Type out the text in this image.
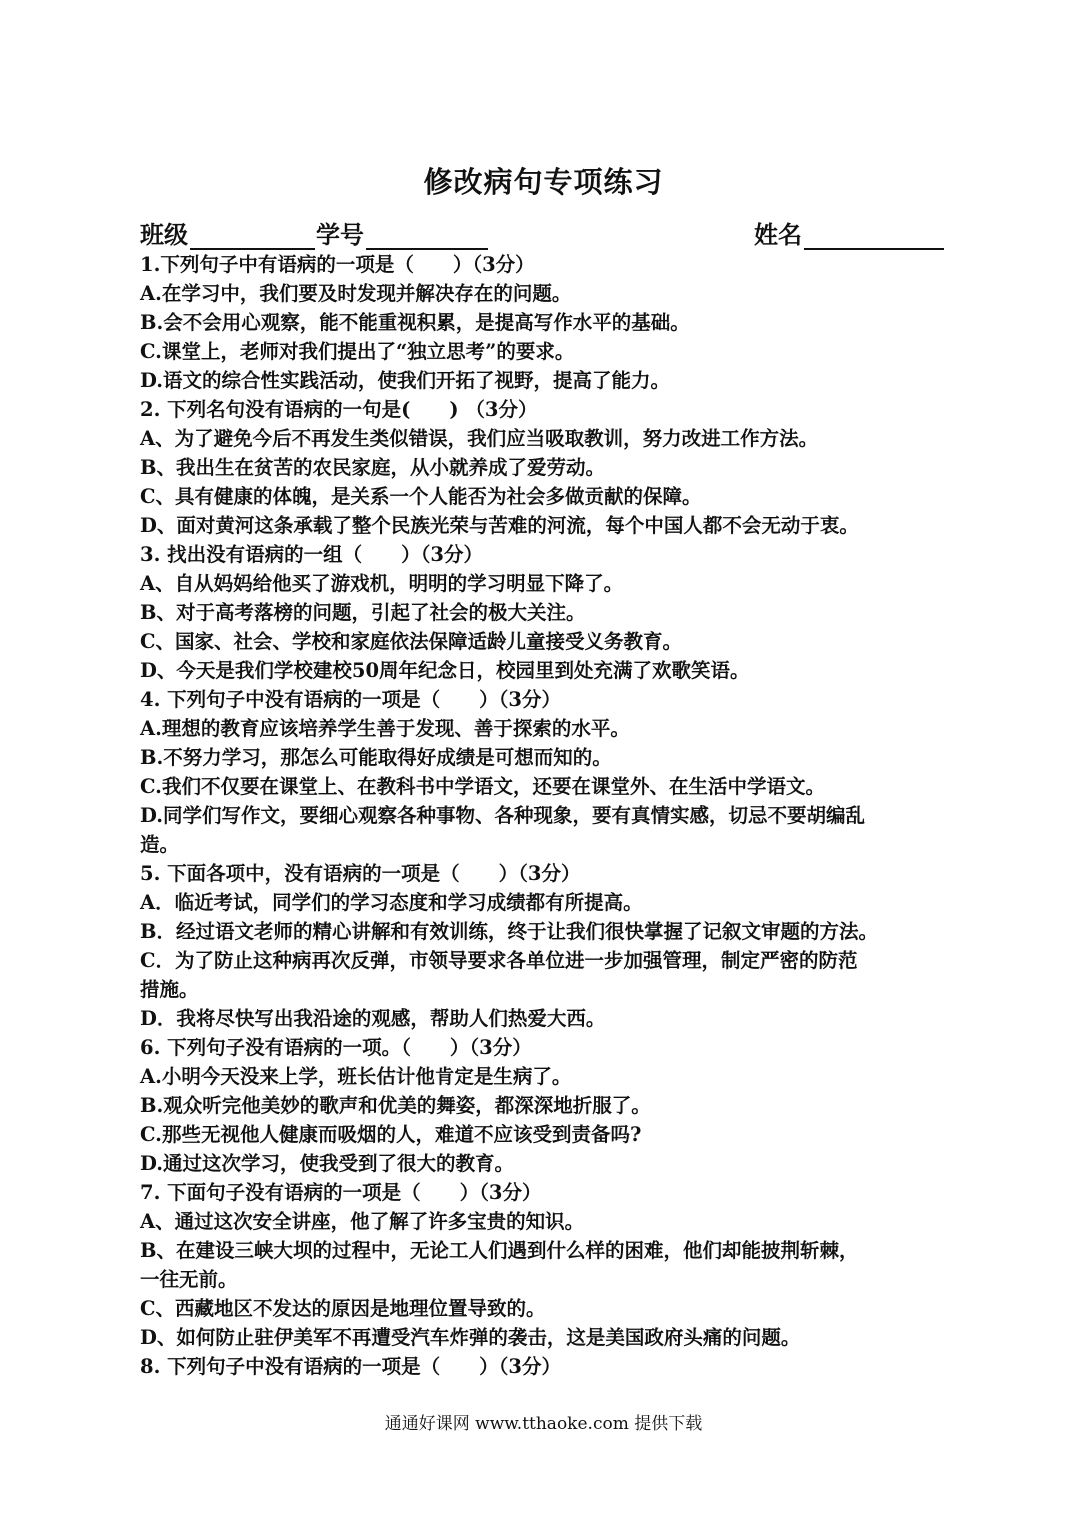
修改病句专项练习
班级	学号	姓名
1.下列句子中有语病的一项是（　　）（3分）
A.在学习中，我们要及时发现并解决存在的问题。
B.会不会用心观察，能不能重视积累，是提高写作水平的基础。
C.课堂上，老师对我们提出了“独立思考”的要求。
D.语文的综合性实践活动，使我们开拓了视野，提高了能力。
2. 下列名句没有语病的一句是(　　) （3分）
A、为了避免今后不再发生类似错误，我们应当吸取教训，努力改进工作方法。
B、我出生在贫苦的农民家庭，从小就养成了爱劳动。
C、具有健康的体魄，是关系一个人能否为社会多做贡献的保障。
D、面对黄河这条承载了整个民族光荣与苦难的河流，每个中国人都不会无动于衷。
3. 找出没有语病的一组（　　）（3分）
A、自从妈妈给他买了游戏机，明明的学习明显下降了。
B、对于高考落榜的问题，引起了社会的极大关注。
C、国家、社会、学校和家庭依法保障适龄儿童接受义务教育。
D、今天是我们学校建校50周年纪念日，校园里到处充满了欢歌笑语。
4. 下列句子中没有语病的一项是（　　）（3分）
A.理想的教育应该培养学生善于发现、善于探索的水平。
B.不努力学习，那怎么可能取得好成绩是可想而知的。
C.我们不仅要在课堂上、在教科书中学语文，还要在课堂外、在生活中学语文。
D.同学们写作文，要细心观察各种事物、各种现象，要有真情实感，切忌不要胡编乱
造。
5. 下面各项中，没有语病的一项是（　　）（3分）
A．临近考试，同学们的学习态度和学习成绩都有所提高。
B．经过语文老师的精心讲解和有效训练，终于让我们很快掌握了记叙文审题的方法。
C．为了防止这种病再次反弹，市领导要求各单位进一步加强管理，制定严密的防范
措施。
D．我将尽快写出我沿途的观感，帮助人们热爱大西。
6. 下列句子没有语病的一项。（　　）（3分）
A.小明今天没来上学，班长估计他肯定是生病了。
B.观众听完他美妙的歌声和优美的舞姿，都深深地折服了。
C.那些无视他人健康而吸烟的人，难道不应该受到责备吗?
D.通过这次学习，使我受到了很大的教育。
7. 下面句子没有语病的一项是（　　）（3分）
A、通过这次安全讲座，他了解了许多宝贵的知识。
B、在建设三峡大坝的过程中，无论工人们遇到什么样的困难，他们却能披荆斩棘，
一往无前。
C、西藏地区不发达的原因是地理位置导致的。
D、如何防止驻伊美军不再遭受汽车炸弹的袭击，这是美国政府头痛的问题。
8. 下列句子中没有语病的一项是（　　）（3分）
通通好课网 www.tthaoke.com 提供下载
